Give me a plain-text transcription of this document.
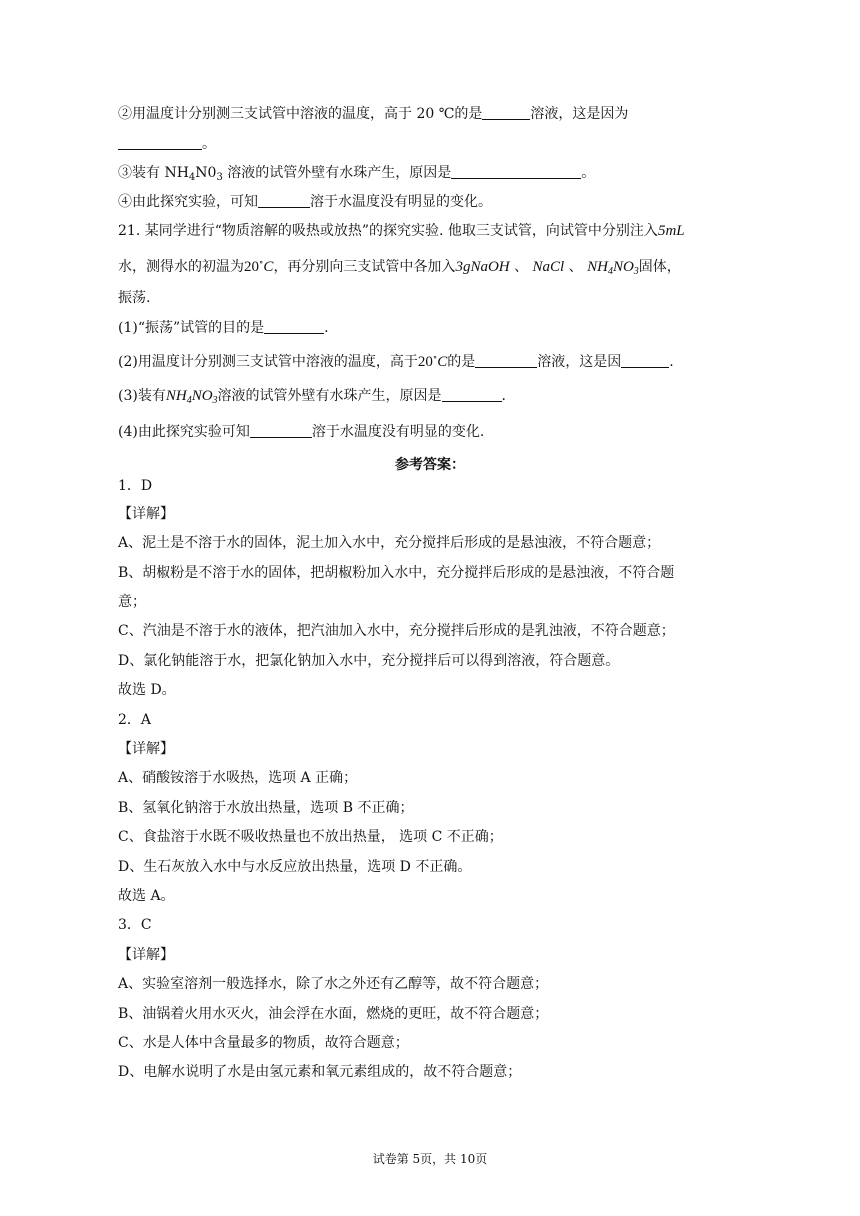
②用温度计分别测三支试管中溶液的温度，高于 20 ℃的是	溶液，这是因为
。
③装有 $NH_4N0_3$ 溶液的试管外壁有水珠产生，原因是	。
④由此探究实验，可知	溶于水温度没有明显的变化。
21. 某同学进行“物质溶解的吸热或放热”的探究实验. 他取三支试管，向试管中分别注入5mL
水，测得水的初温为20∘C，再分别向三支试管中各加入3gNaOH 、 NaCl 、 $NH_4NO_3$固体，
振荡.
(1)“振荡”试管的目的是	.
(2)用温度计分别测三支试管中溶液的温度，高于20∘C的是	溶液，这是因	.
(3)装有$NH_4NO_3$溶液的试管外壁有水珠产生，原因是	.
(4)由此探究实验可知	溶于水温度没有明显的变化.
参考答案：
1．D
【详解】
A、泥土是不溶于水的固体，泥土加入水中，充分搅拌后形成的是悬浊液，不符合题意；
B、胡椒粉是不溶于水的固体，把胡椒粉加入水中，充分搅拌后形成的是悬浊液，不符合题
意；
C、汽油是不溶于水的液体，把汽油加入水中，充分搅拌后形成的是乳浊液，不符合题意；
D、氯化钠能溶于水，把氯化钠加入水中，充分搅拌后可以得到溶液，符合题意。
故选 D。
2．A
【详解】
A、硝酸铵溶于水吸热，选项 A 正确；
B、氢氧化钠溶于水放出热量，选项 B 不正确；
C、食盐溶于水既不吸收热量也不放出热量， 选项 C 不正确；
D、生石灰放入水中与水反应放出热量，选项 D 不正确。
故选 A。
3．C
【详解】
A、实验室溶剂一般选择水，除了水之外还有乙醇等，故不符合题意；
B、油锅着火用水灭火，油会浮在水面，燃烧的更旺，故不符合题意；
C、水是人体中含量最多的物质，故符合题意；
D、电解水说明了水是由氢元素和氧元素组成的，故不符合题意；
试卷第 5页，共 10页
